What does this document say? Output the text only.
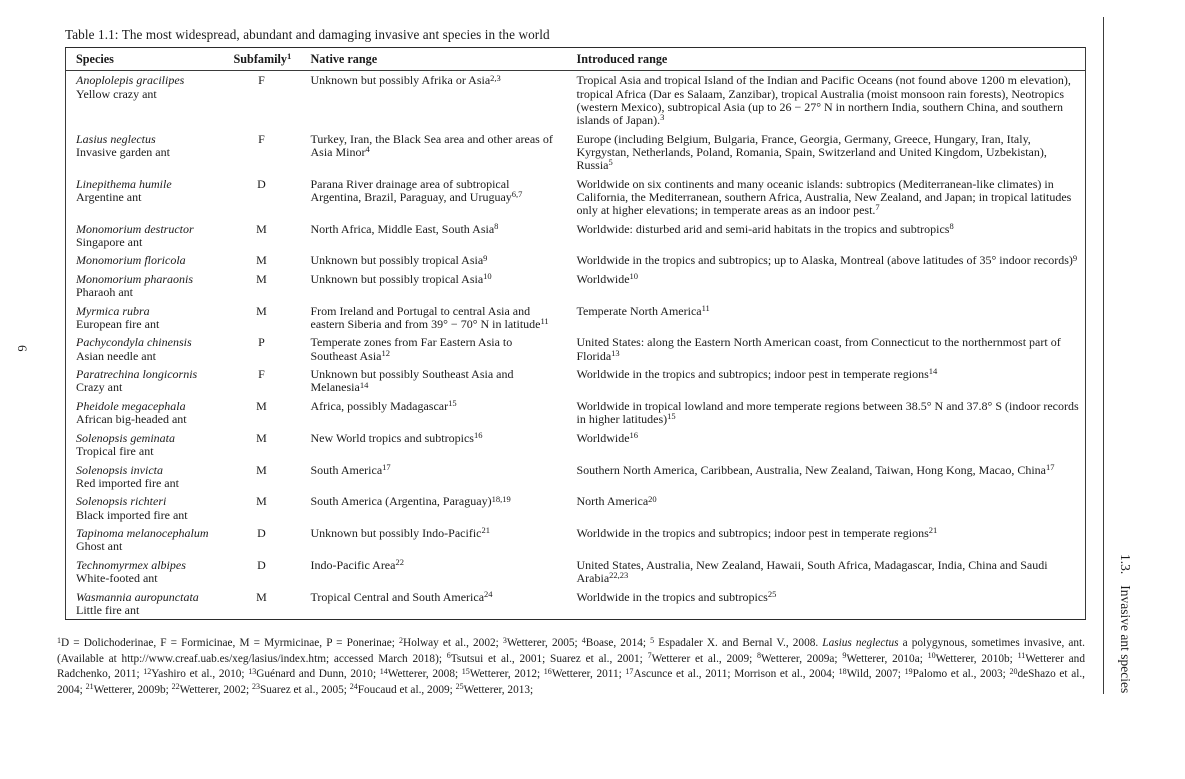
6
1.3.Invasive ant species
Table 1.1: The most widespread, abundant and damaging invasive ant species in the world
Species	Subfamily$^1$	Native range	Introduced range

Anoplolepis gracilipes
Yellow crazy ant	F	Unknown but possibly Afrika or Asia$^{2,3}$	Tropical Asia and tropical Island of the Indian and Pacific Oceans (not found above 1200 m elevation), tropical Africa (Dar es Salaam, Zanzibar), tropical Australia (moist monsoon rain forests), Neotropics (western Mexico), subtropical Asia (up to 26 − 27° N in northern India, southern China, and southern islands of Japan).$^3$

Lasius neglectus
Invasive garden ant	F	Turkey, Iran, the Black Sea area and other areas of Asia Minor$^4$	Europe (including Belgium, Bulgaria, France, Georgia, Germany, Greece, Hungary, Iran, Italy, Kyrgystan, Netherlands, Poland, Romania, Spain, Switzerland and United Kingdom, Uzbekistan), Russia$^5$

Linepithema humile
Argentine ant	D	Parana River drainage area of subtropical Argentina, Brazil, Paraguay, and Uruguay$^{6,7}$	Worldwide on six continents and many oceanic islands: subtropics (Mediterranean-like climates) in California, the Mediterranean, southern Africa, Australia, New Zealand, and Japan; in tropical latitudes only at higher elevations; in temperate areas as an indoor pest.$^7$

Monomorium destructor
Singapore ant	M	North Africa, Middle East, South Asia$^8$	Worldwide: disturbed arid and semi-arid habitats in the tropics and subtropics$^8$

Monomorium floricola	M	Unknown but possibly tropical Asia$^9$	Worldwide in the tropics and subtropics; up to Alaska, Montreal (above latitudes of 35° indoor records)$^9$

Monomorium pharaonis
Pharaoh ant	M	Unknown but possibly tropical Asia$^{10}$	Worldwide$^{10}$

Myrmica rubra
European fire ant	M	From Ireland and Portugal to central Asia and eastern Siberia and from 39° − 70° N in latitude$^{11}$	Temperate North America$^{11}$

Pachycondyla chinensis
Asian needle ant	P	Temperate zones from Far Eastern Asia to Southeast Asia$^{12}$	United States: along the Eastern North American coast, from Connecticut to the northernmost part of Florida$^{13}$

Paratrechina longicornis
Crazy ant	F	Unknown but possibly Southeast Asia and Melanesia$^{14}$	Worldwide in the tropics and subtropics; indoor pest in temperate regions$^{14}$

Pheidole megacephala
African big-headed ant	M	Africa, possibly Madagascar$^{15}$	Worldwide in tropical lowland and more temperate regions between 38.5° N and 37.8° S (indoor records in higher latitudes)$^{15}$

Solenopsis geminata
Tropical fire ant	M	New World tropics and subtropics$^{16}$	Worldwide$^{16}$

Solenopsis invicta
Red imported fire ant	M	South America$^{17}$	Southern North America, Caribbean, Australia, New Zealand, Taiwan, Hong Kong, Macao, China$^{17}$

Solenopsis richteri
Black imported fire ant	M	South America (Argentina, Paraguay)$^{18,19}$	North America$^{20}$

Tapinoma melanocephalum
Ghost ant	D	Unknown but possibly Indo-Pacific$^{21}$	Worldwide in the tropics and subtropics; indoor pest in temperate regions$^{21}$

Technomyrmex albipes
White-footed ant	D	Indo-Pacific Area$^{22}$	United States, Australia, New Zealand, Hawaii, South Africa, Madagascar, India, China and Saudi Arabia$^{22,23}$

Wasmannia auropunctata
Little fire ant	M	Tropical Central and South America$^{24}$	Worldwide in the tropics and subtropics$^{25}$

$^1$D = Dolichoderinae, F = Formicinae, M = Myrmicinae, P = Ponerinae; $^2$Holway et al., 2002; $^3$Wetterer, 2005; $^4$Boase, 2014; $^5$ Espadaler X. and Bernal V., 2008. Lasius neglectus a polygynous, sometimes invasive, ant. (Available at http://www.creaf.uab.es/xeg/lasius/index.htm; accessed March 2018); $^6$Tsutsui et al., 2001; Suarez et al., 2001; $^7$Wetterer et al., 2009; $^8$Wetterer, 2009a; $^9$Wetterer, 2010a; $^{10}$Wetterer, 2010b; $^{11}$Wetterer and Radchenko, 2011; $^{12}$Yashiro et al., 2010; $^{13}$Guénard and Dunn, 2010; $^{14}$Wetterer, 2008; $^{15}$Wetterer, 2012; $^{16}$Wetterer, 2011; $^{17}$Ascunce et al., 2011; Morrison et al., 2004; $^{18}$Wild, 2007; $^{19}$Palomo et al., 2003; $^{20}$deShazo et al., 2004; $^{21}$Wetterer, 2009b; $^{22}$Wetterer, 2002; $^{23}$Suarez et al., 2005; $^{24}$Foucaud et al., 2009; $^{25}$Wetterer, 2013;
